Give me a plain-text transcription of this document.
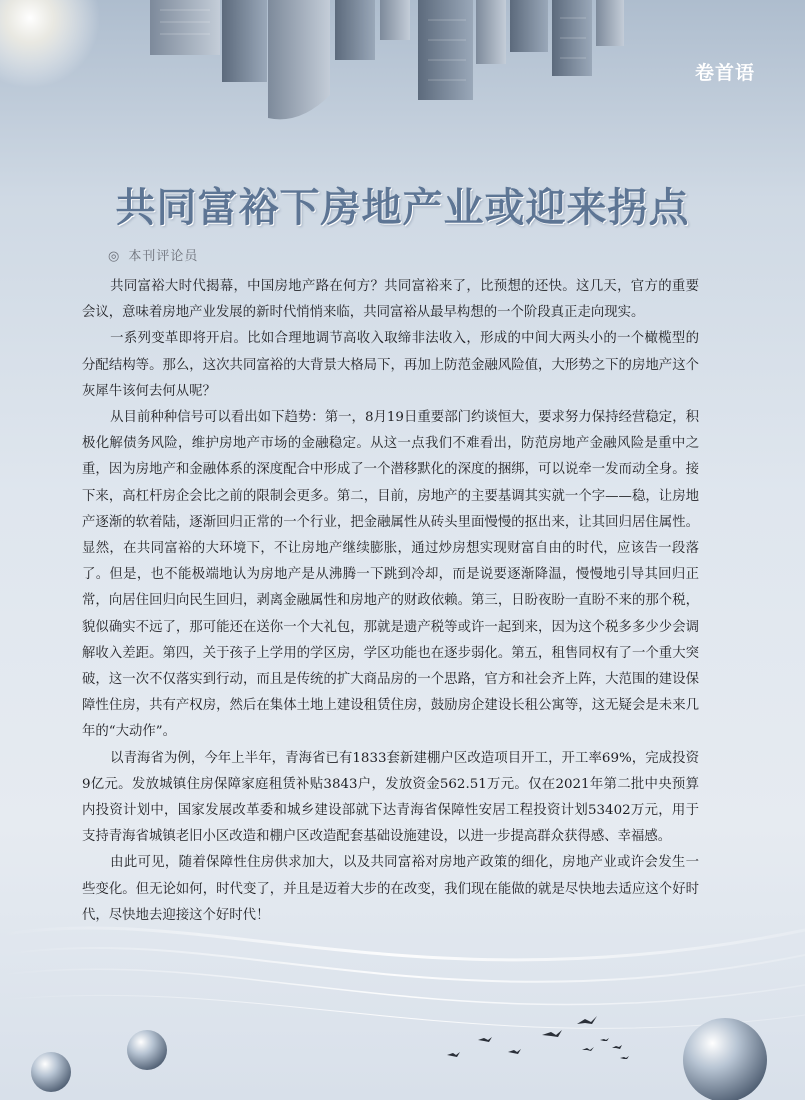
卷首语
共同富裕下房地产业或迎来拐点
◎ 本刊评论员

共同富裕大时代揭幕，中国房地产路在何方？共同富裕来了，比预想的还快。这几天，官方的重要会议，意味着房地产业发展的新时代悄悄来临，共同富裕从最早构想的一个阶段真正走向现实。

一系列变革即将开启。比如合理地调节高收入取缔非法收入，形成的中间大两头小的一个橄榄型的分配结构等。那么，这次共同富裕的大背景大格局下，再加上防范金融风险值，大形势之下的房地产这个灰犀牛该何去何从呢？

从目前种种信号可以看出如下趋势：第一，8月19日重要部门约谈恒大，要求努力保持经营稳定，积极化解债务风险，维护房地产市场的金融稳定。从这一点我们不难看出，防范房地产金融风险是重中之重，因为房地产和金融体系的深度配合中形成了一个潜移默化的深度的捆绑，可以说牵一发而动全身。接下来，高杠杆房企会比之前的限制会更多。第二，目前，房地产的主要基调其实就一个字——稳，让房地产逐渐的软着陆，逐渐回归正常的一个行业，把金融属性从砖头里面慢慢的抠出来，让其回归居住属性。显然，在共同富裕的大环境下，不让房地产继续膨胀，通过炒房想实现财富自由的时代，应该告一段落了。但是，也不能极端地认为房地产是从沸腾一下跳到冷却，而是说要逐渐降温，慢慢地引导其回归正常，向居住回归向民生回归，剥离金融属性和房地产的财政依赖。第三，日盼夜盼一直盼不来的那个税，貌似确实不远了，那可能还在送你一个大礼包，那就是遗产税等或许一起到来，因为这个税多多少少会调解收入差距。第四，关于孩子上学用的学区房，学区功能也在逐步弱化。第五，租售同权有了一个重大突破，这一次不仅落实到行动，而且是传统的扩大商品房的一个思路，官方和社会齐上阵，大范围的建设保障性住房，共有产权房，然后在集体土地上建设租赁住房，鼓励房企建设长租公寓等，这无疑会是未来几年的“大动作”。

以青海省为例，今年上半年，青海省已有1833套新建棚户区改造项目开工，开工率69%，完成投资9亿元。发放城镇住房保障家庭租赁补贴3843户，发放资金562.51万元。仅在2021年第二批中央预算内投资计划中，国家发展改革委和城乡建设部就下达青海省保障性安居工程投资计划53402万元，用于支持青海省城镇老旧小区改造和棚户区改造配套基础设施建设，以进一步提高群众获得感、幸福感。

由此可见，随着保障性住房供求加大，以及共同富裕对房地产政策的细化，房地产业或许会发生一些变化。但无论如何，时代变了，并且是迈着大步的在改变，我们现在能做的就是尽快地去适应这个好时代，尽快地去迎接这个好时代！
